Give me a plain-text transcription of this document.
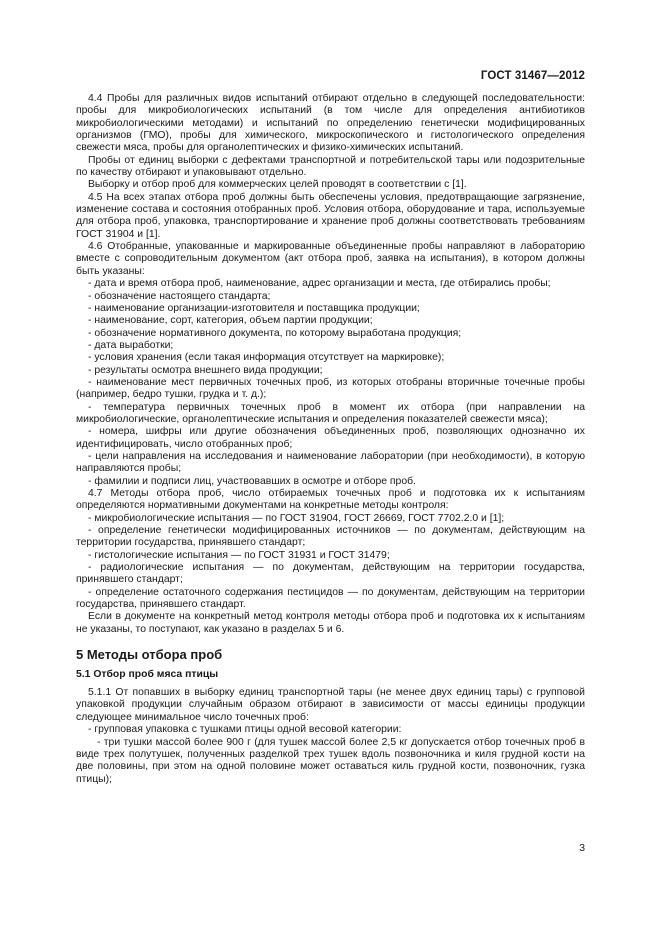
ГОСТ 31467—2012

4.4 Пробы для различных видов испытаний отбирают отдельно в следующей последовательности: пробы для микробиологических испытаний (в том числе для определения антибиотиков микробиологическими методами) и испытаний по определению генетически модифицированных организмов (ГМО), пробы для химического, микроскопического и гистологического определения свежести мяса, пробы для органолептических и физико-химических испытаний.

Пробы от единиц выборки с дефектами транспортной и потребительской тары или подозрительные по качеству отбирают и упаковывают отдельно.

Выборку и отбор проб для коммерческих целей проводят в соответствии с [1].

4.5 На всех этапах отбора проб должны быть обеспечены условия, предотвращающие загрязнение, изменение состава и состояния отобранных проб. Условия отбора, оборудование и тара, используемые для отбора проб, упаковка, транспортирование и хранение проб должны соответствовать требованиям ГОСТ 31904 и [1].

4.6 Отобранные, упакованные и маркированные объединенные пробы направляют в лабораторию вместе с сопроводительным документом (акт отбора проб, заявка на испытания), в котором должны быть указаны:

- дата и время отбора проб, наименование, адрес организации и места, где отбирались пробы;

- обозначение настоящего стандарта;

- наименование организации-изготовителя и поставщика продукции;

- наименование, сорт, категория, объем партии продукции;

- обозначение нормативного документа, по которому выработана продукция;

- дата выработки;

- условия хранения (если такая информация отсутствует на маркировке);

- результаты осмотра внешнего вида продукции;

- наименование мест первичных точечных проб, из которых отобраны вторичные точечные пробы (например, бедро тушки, грудка и т. д.);

- температура первичных точечных проб в момент их отбора (при направлении на микробиологические, органолептические испытания и определения показателей свежести мяса);

- номера, шифры или другие обозначения объединенных проб, позволяющих однозначно их идентифицировать, число отобранных проб;

- цели направления на исследования и наименование лаборатории (при необходимости), в которую направляются пробы;

- фамилии и подписи лиц, участвовавших в осмотре и отборе проб.

4.7 Методы отбора проб, число отбираемых точечных проб и подготовка их к испытаниям определяются нормативными документами на конкретные методы контроля:

- микробиологические испытания — по ГОСТ 31904, ГОСТ 26669, ГОСТ 7702.2.0 и [1];

- определение генетически модифицированных источников — по документам, действующим на территории государства, принявшего стандарт;

- гистологические испытания — по ГОСТ 31931 и ГОСТ 31479;

- радиологические испытания — по документам, действующим на территории государства, принявшего стандарт;

- определение остаточного содержания пестицидов — по документам, действующим на территории государства, принявшего стандарт.

Если в документе на конкретный метод контроля методы отбора проб и подготовка их к испытаниям не указаны, то поступают, как указано в разделах 5 и 6.

5 Методы отбора проб
5.1 Отбор проб мяса птицы

5.1.1 От попавших в выборку единиц транспортной тары (не менее двух единиц тары) с групповой упаковкой продукции случайным образом отбирают в зависимости от массы единицы продукции следующее минимальное число точечных проб:

- групповая упаковка с тушками птицы одной весовой категории:

- три тушки массой более 900 г (для тушек массой более 2,5 кг допускается отбор точечных проб в виде трех полутушек, полученных разделкой трех тушек вдоль позвоночника и киля грудной кости на две половины, при этом на одной половине может оставаться киль грудной кости, позвоночник, гузка птицы);

3
